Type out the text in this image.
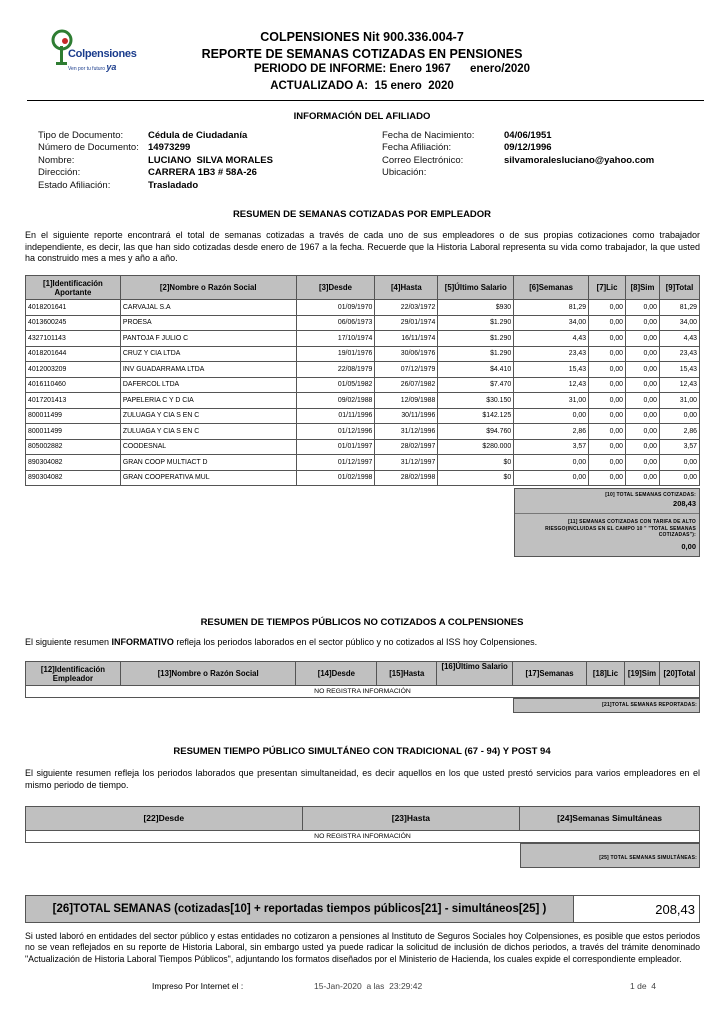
Colpensiones
Ven por tu futuro ya
COLPENSIONES Nit 900.336.004-7
REPORTE DE SEMANAS COTIZADAS EN PENSIONES
PERIODO DE INFORME: Enero 1967      enero/2020
ACTUALIZADO A:  15 enero  2020
INFORMACIÓN DEL AFILIADO
Tipo de Documento:	Cédula de Ciudadanía
Número de Documento: 14973299
Nombre:	LUCIANO  SILVA MORALES
Dirección:	CARRERA 1B3 # 58A-26
Estado Afiliación:	Trasladado
Fecha de Nacimiento:	04/06/1951
Fecha Afiliación:	09/12/1996
Correo Electrónico:	silvamoralesluciano@yahoo.com
Ubicación:
RESUMEN DE SEMANAS COTIZADAS POR EMPLEADOR
En el siguiente reporte encontrará el total de semanas cotizadas a través de cada uno de sus empleadores o de sus propias cotizaciones como trabajador independiente, es decir, las que han sido cotizadas desde enero de 1967 a la fecha. Recuerde que la Historia Laboral representa su vida como trabajador, la que usted ha construido mes a mes y año a año.
[1]Identificación Aportante	[2]Nombre o Razón Social	[3]Desde	[4]Hasta	[5]Último Salario	[6]Semanas	[7]Lic	[8]Sim	[9]Total
4018201641	CARVAJAL S.A	01/09/1970	22/03/1972	$930	81,29	0,00	0,00	81,29
4013600245	PROESA	06/06/1973	29/01/1974	$1.290	34,00	0,00	0,00	34,00
4327101143	PANTOJA F JULIO C	17/10/1974	16/11/1974	$1.290	4,43	0,00	0,00	4,43
4018201644	CRUZ Y CIA LTDA	19/01/1976	30/06/1976	$1.290	23,43	0,00	0,00	23,43
4012003209	INV GUADARRAMA LTDA	22/08/1979	07/12/1979	$4.410	15,43	0,00	0,00	15,43
4016110460	DAFERCOL LTDA	01/05/1982	26/07/1982	$7.470	12,43	0,00	0,00	12,43
4017201413	PAPELERIA C Y D CIA	09/02/1988	12/09/1988	$30.150	31,00	0,00	0,00	31,00
800011499	ZULUAGA Y CIA S EN C	01/11/1996	30/11/1996	$142.125	0,00	0,00	0,00	0,00
800011499	ZULUAGA Y CIA S EN C	01/12/1996	31/12/1996	$94.760	2,86	0,00	0,00	2,86
805002882	COODESNAL	01/01/1997	28/02/1997	$280.000	3,57	0,00	0,00	3,57
890304082	GRAN COOP MULTIACT D	01/12/1997	31/12/1997	$0	0,00	0,00	0,00	0,00
890304082	GRAN COOPERATIVA MUL	01/02/1998	28/02/1998	$0	0,00	0,00	0,00	0,00
[10] TOTAL SEMANAS COTIZADAS:
208,43
[11] SEMANAS COTIZADAS CON TARIFA DE ALTO RIESGO(INCLUIDAS EN EL CAMPO 10 " "TOTAL SEMANAS COTIZADAS"):
0,00
RESUMEN DE TIEMPOS PÚBLICOS NO COTIZADOS A COLPENSIONES
El siguiente resumen INFORMATIVO refleja los periodos laborados en el sector público y no cotizados al ISS hoy Colpensiones.
[12]Identificación Empleador	[13]Nombre o Razón Social	[14]Desde	[15]Hasta	[16]Último Salario	[17]Semanas	[18]Lic	[19]Sim	[20]Total
NO REGISTRA INFORMACIÓN
[21]TOTAL SEMANAS REPORTADAS:
RESUMEN TIEMPO PÚBLICO SIMULTÁNEO CON TRADICIONAL (67 - 94) Y POST 94
El siguiente resumen refleja los periodos laborados que presentan simultaneidad, es decir aquellos en los que usted prestó servicios para varios empleadores en el mismo periodo de tiempo.
[22]Desde	[23]Hasta	[24]Semanas Simultáneas
NO REGISTRA INFORMACIÓN
[25] TOTAL SEMANAS SIMULTÁNEAS:
[26]TOTAL SEMANAS (cotizadas[10] + reportadas tiempos públicos[21] - simultáneos[25] )	208,43
Si usted laboró en entidades del sector público y estas entidades no cotizaron a pensiones al Instituto de Seguros Sociales hoy Colpensiones, es posible que estos periodos no se vean reflejados en su reporte de Historia Laboral, sin embargo usted ya puede radicar la solicitud de inclusión de dichos periodos, a través del trámite denominado "Actualización de Historia Laboral Tiempos Públicos", adjuntando los formatos diseñados por el Ministerio de Hacienda, los cuales expide el correspondiente empleador.
Impreso Por Internet el :	15-Jan-2020  a las  23:29:42	1 de  4
